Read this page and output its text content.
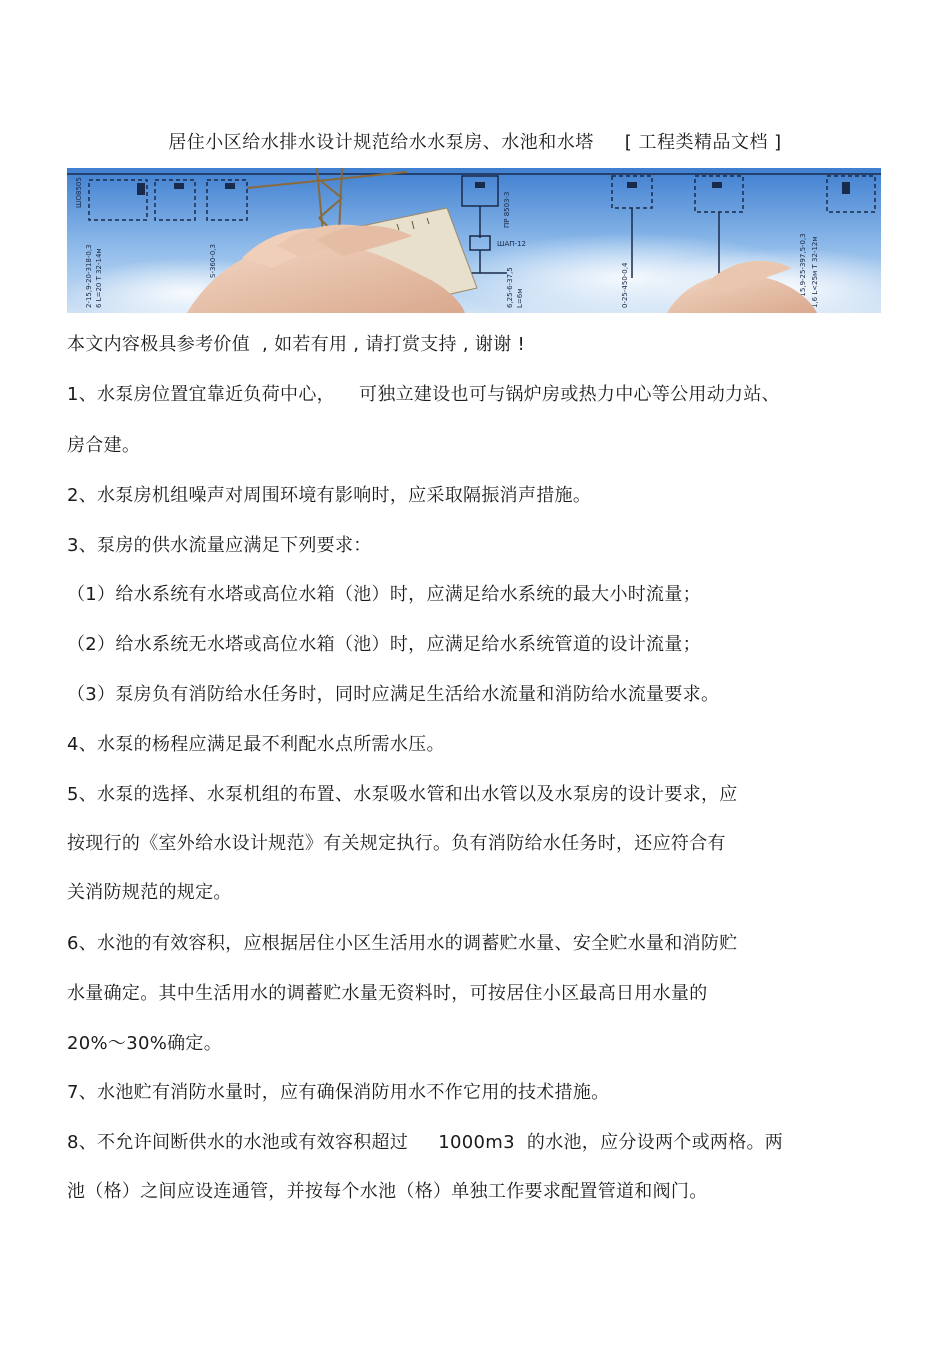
居住小区给水排水设计规范给水水泵房、水池和水塔　  [ 工程类精品文档 ]
ШО8505	ПР 8503-3
ШАП-12
S-360-0,3
6,25-6-37,5	0-25-450-0,4	1,6 L<25м Т 32-12м
22-15,9-25-397,5-0,3
2-15,9-20-318-0,3 6 L=20 Т 32-14м	L=6м
本文内容极具参考价值  , 如若有用 , 请打赏支持 , 谢谢 !
1、水泵房位置宜靠近负荷中心，    可独立建设也可与锅炉房或热力中心等公用动力站、
房合建。
2、水泵房机组噪声对周围环境有影响时，应采取隔振消声措施。
3、泵房的供水流量应满足下列要求：
（1）给水系统有水塔或高位水箱（池）时，应满足给水系统的最大小时流量；
（2）给水系统无水塔或高位水箱（池）时，应满足给水系统管道的设计流量；
（3）泵房负有消防给水任务时，同时应满足生活给水流量和消防给水流量要求。
4、水泵的杨程应满足最不利配水点所需水压。
5、水泵的选择、水泵机组的布置、水泵吸水管和出水管以及水泵房的设计要求，应
按现行的《室外给水设计规范》有关规定执行。负有消防给水任务时，还应符合有
关消防规范的规定。
6、水池的有效容积，应根据居住小区生活用水的调蓄贮水量、安全贮水量和消防贮
水量确定。其中生活用水的调蓄贮水量无资料时，可按居住小区最高日用水量的
20%～30%确定。
7、水池贮有消防水量时，应有确保消防用水不作它用的技术措施。
8、不允许间断供水的水池或有效容积超过     1000m3  的水池，应分设两个或两格。两
池（格）之间应设连通管，并按每个水池（格）单独工作要求配置管道和阀门。
